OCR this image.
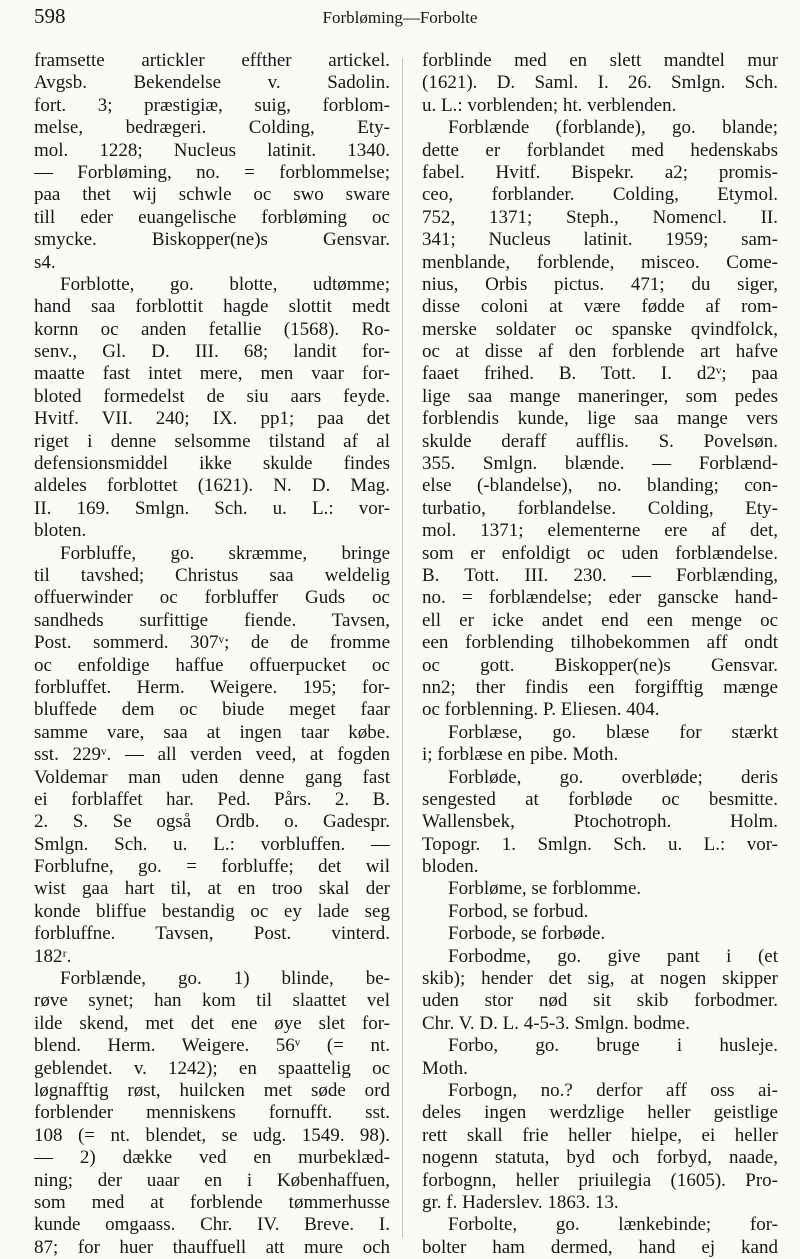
598	Forbløming—Forbolte
framsette artickler effther artickel.
Avgsb. Bekendelse v. Sadolin.
fort. 3; præstigiæ, suig, forblom-
melse, bedrægeri. Colding, Ety-
mol. 1228; Nucleus latinit. 1340.
— Forbløming, no. = forblommelse;
paa thet wij schwle oc swo sware
till eder euangelische forbløming oc
smycke. Biskopper(ne)s Gensvar.
s4.
Forblotte, go. blotte, udtømme;
hand saa forblottit hagde slottit medt
kornn oc anden fetallie (1568). Ro-
senv., Gl. D. III. 68; landit for-
maatte fast intet mere, men vaar for-
bloted formedelst de siu aars feyde.
Hvitf. VII. 240; IX. pp1; paa det
riget i denne selsomme tilstand af al
defensionsmiddel ikke skulde findes
aldeles forblottet (1621). N. D. Mag.
II. 169. Smlgn. Sch. u. L.: vor-
bloten.
Forbluffe, go. skræmme, bringe
til tavshed; Christus saa weldelig
offuerwinder oc forbluffer Guds oc
sandheds surfittige fiende. Tavsen,
Post. sommerd. 307ᵛ; de de fromme
oc enfoldige haffue offuerpucket oc
forbluffet. Herm. Weigere. 195; for-
bluffede dem oc biude meget faar
samme vare, saa at ingen taar købe.
sst. 229ᵛ. — all verden veed, at fogden
Voldemar man uden denne gang fast
ei forblaffet har. Ped. Pårs. 2. B.
2. S. Se også Ordb. o. Gadespr.
Smlgn. Sch. u. L.: vorbluffen. —
Forblufne, go. = forbluffe; det wil
wist gaa hart til, at en troo skal der
konde bliffue bestandig oc ey lade seg
forbluffne. Tavsen, Post. vinterd.
182ʳ.
Forblænde, go. 1) blinde, be-
røve synet; han kom til slaattet vel
ilde skend, met det ene øye slet for-
blend. Herm. Weigere. 56ᵛ (= nt.
geblendet. v. 1242); en spaattelig oc
løgnafftig røst, huilcken met søde ord
forblender menniskens fornufft. sst.
108 (= nt. blendet, se udg. 1549. 98).
— 2) dække ved en murbeklæd-
ning; der uaar en i Københaffuen,
som med at forblende tømmerhusse
kunde omgaass. Chr. IV. Breve. I.
87; for huer thauffuell att mure och
forblinde med en slett mandtel mur
(1621). D. Saml. I. 26. Smlgn. Sch.
u. L.: vorblenden; ht. verblenden.
Forblænde (forblande), go. blande;
dette er forblandet med hedenskabs
fabel. Hvitf. Bispekr. a2; promis-
ceo, forblander. Colding, Etymol.
752, 1371; Steph., Nomencl. II.
341; Nucleus latinit. 1959; sam-
menblande, forblende, misceo. Come-
nius, Orbis pictus. 471; du siger,
disse coloni at være fødde af rom-
merske soldater oc spanske qvindfolck,
oc at disse af den forblende art hafve
faaet frihed. B. Tott. I. d2ᵛ; paa
lige saa mange maneringer, som pedes
forblendis kunde, lige saa mange vers
skulde deraff aufflis. S. Povelsøn.
355. Smlgn. blænde. — Forblænd-
else (-blandelse), no. blanding; con-
turbatio, forblandelse. Colding, Ety-
mol. 1371; elementerne ere af det,
som er enfoldigt oc uden forblændelse.
B. Tott. III. 230. — Forblænding,
no. = forblændelse; eder ganscke hand-
ell er icke andet end een menge oc
een forblending tilhobekommen aff ondt
oc gott. Biskopper(ne)s Gensvar.
nn2; ther findis een forgifftig mænge
oc forblenning. P. Eliesen. 404.
Forblæse, go. blæse for stærkt
i; forblæse en pibe. Moth.
Forbløde, go. overbløde; deris
sengested at forbløde oc besmitte.
Wallensbek, Ptochotroph. Holm.
Topogr. 1. Smlgn. Sch. u. L.: vor-
bloden.
Forbløme, se forblomme.
Forbod, se forbud.
Forbode, se forbøde.
Forbodme, go. give pant i (et
skib); hender det sig, at nogen skipper
uden stor nød sit skib forbodmer.
Chr. V. D. L. 4-5-3. Smlgn. bodme.
Forbo, go. bruge i husleje.
Moth.
Forbogn, no.? derfor aff oss ai-
deles ingen werdzlige heller geistlige
rett skall frie heller hielpe, ei heller
nogenn statuta, byd och forbyd, naade,
forbognn, heller priuilegia (1605). Pro-
gr. f. Haderslev. 1863. 13.
Forbolte, go. lænkebinde; for-
bolter ham dermed, hand ej kand
